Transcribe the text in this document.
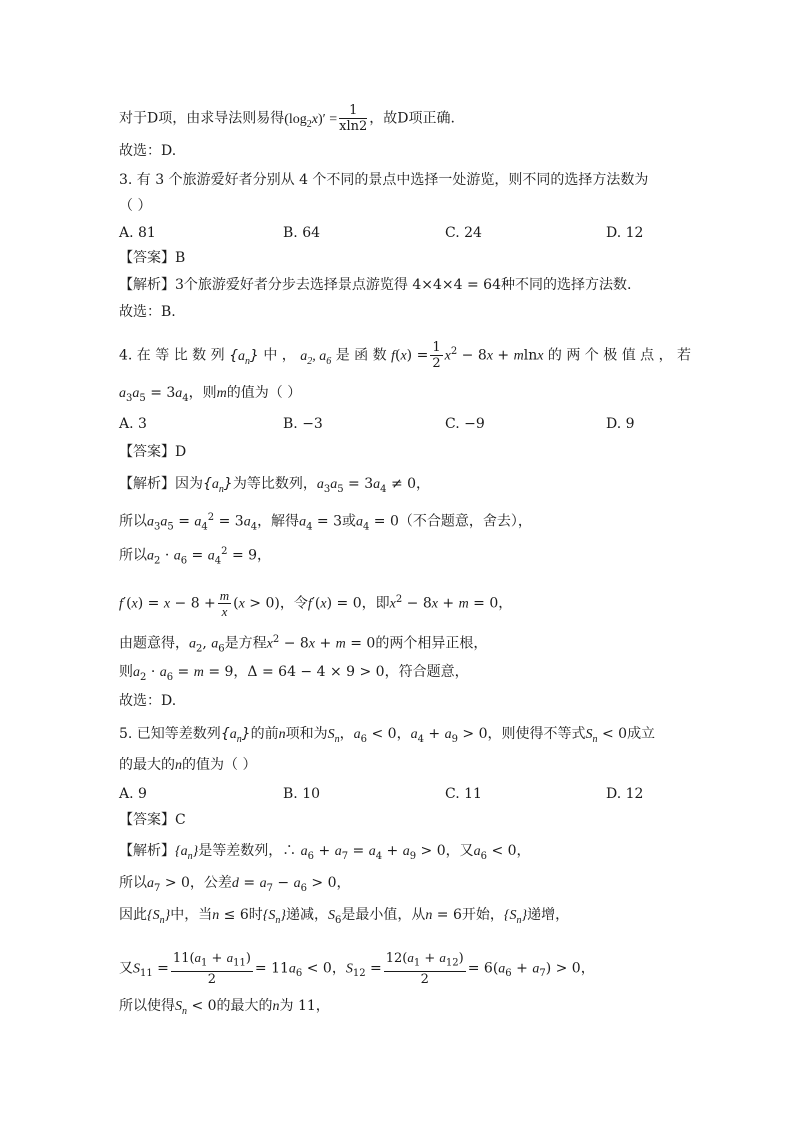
对于D项，由求导法则易得$(\log_2x)' = \frac{1}{xln2}$ ，故D项正确.
故选：D.
3. 有 3 个旅游爱好者分别从 4 个不同的景点中选择一处游览，则不同的选择方法数为
（ ）
A. 81	B. 64	C. 24	D. 12
【答案】B
【解析】3个旅游爱好者分步去选择景点游览得 4×4×4 = 64种不同的选择方法数.
故选：B.
4. 在 等 比 数 列 $\{a_n\}$ 中 ， $a_2$, $a_6$ 是 函 数 $f(x) = \frac{1}{2} x^2 - 8x + mlnx$ 的 两 个 极 值 点 ， 若
$a_3a_5 = 3a_4$，则m的值为（ ）
A. 3	B. −3	C. −9	D. 9
【答案】D
【解析】因为$\{a_n\}$为等比数列，$a_3a_5 = 3a_4 \ne 0$，
所以$a_3a_5 = a_4^2 = 3a_4$，解得$a_4 = 3$或$a_4 = 0$（不合题意，舍去），
所以$a_2 \cdot a_6 = a_4^2 = 9$，
$f'(x) = x - 8 + \frac{m}{x} (x > 0)$，令f′(x) = 0，即$x^2 - 8x + m = 0$，
由题意得，$a_2$, $a_6$是方程$x^2 - 8x + m = 0$的两个相异正根，
则$a_2 \cdot a_6 = m = 9$，Δ = 64 − 4 × 9 > 0，符合题意，
故选：D.
5. 已知等差数列$\{a_n\}$的前n项和为$S_n$，$a_6 < 0$，$a_4 + a_9 > 0$，则使得不等式$S_n < 0$成立
的最大的n的值为（ ）
A. 9	B. 10	C. 11	D. 12
【答案】C
【解析】$\{a_n\}$是等差数列，∴ $a_6 + a_7 = a_4 + a_9 > 0$，又$a_6 < 0$，
所以$a_7 > 0$，公差$d = a_7 - a_6 > 0$，
因此$\{S_n\}$中，当n ≤ 6时$\{S_n\}$递减，$S_6$是最小值，从n = 6开始，$\{S_n\}$递增，
又$S_{11} = \frac{11(a_1 + a_{11})}{2} = 11a_6 < 0$，$S_{12} = \frac{12(a_1 + a_{12})}{2} = 6(a_6 + a_7) > 0$，
所以使得$S_n < 0$的最大的n为 11，
